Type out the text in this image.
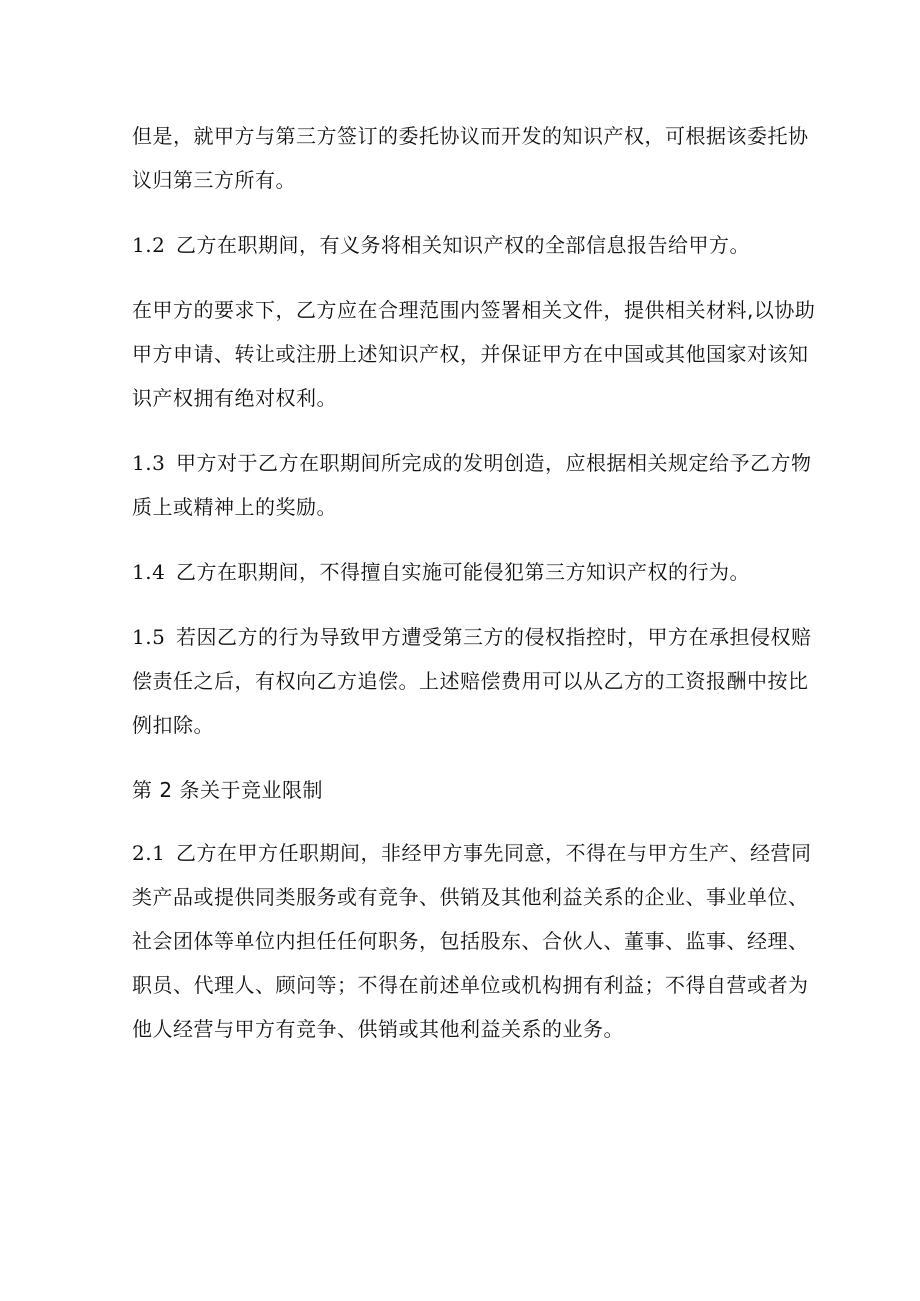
但是，就甲方与第三方签订的委托协议而开发的知识产权，可根据该委托协
议归第三方所有。
1.2 乙方在职期间，有义务将相关知识产权的全部信息报告给甲方。
在甲方的要求下，乙方应在合理范围内签署相关文件，提供相关材料,以协助
甲方申请、转让或注册上述知识产权，并保证甲方在中国或其他国家对该知
识产权拥有绝对权利。
1.3 甲方对于乙方在职期间所完成的发明创造，应根据相关规定给予乙方物
质上或精神上的奖励。
1.4 乙方在职期间，不得擅自实施可能侵犯第三方知识产权的行为。
1.5 若因乙方的行为导致甲方遭受第三方的侵权指控时，甲方在承担侵权赔
偿责任之后，有权向乙方追偿。上述赔偿费用可以从乙方的工资报酬中按比
例扣除。
第 2 条关于竞业限制
2.1 乙方在甲方任职期间，非经甲方事先同意，不得在与甲方生产、经营同
类产品或提供同类服务或有竞争、供销及其他利益关系的企业、事业单位、
社会团体等单位内担任任何职务，包括股东、合伙人、董事、监事、经理、
职员、代理人、顾问等；不得在前述单位或机构拥有利益；不得自营或者为
他人经营与甲方有竞争、供销或其他利益关系的业务。
